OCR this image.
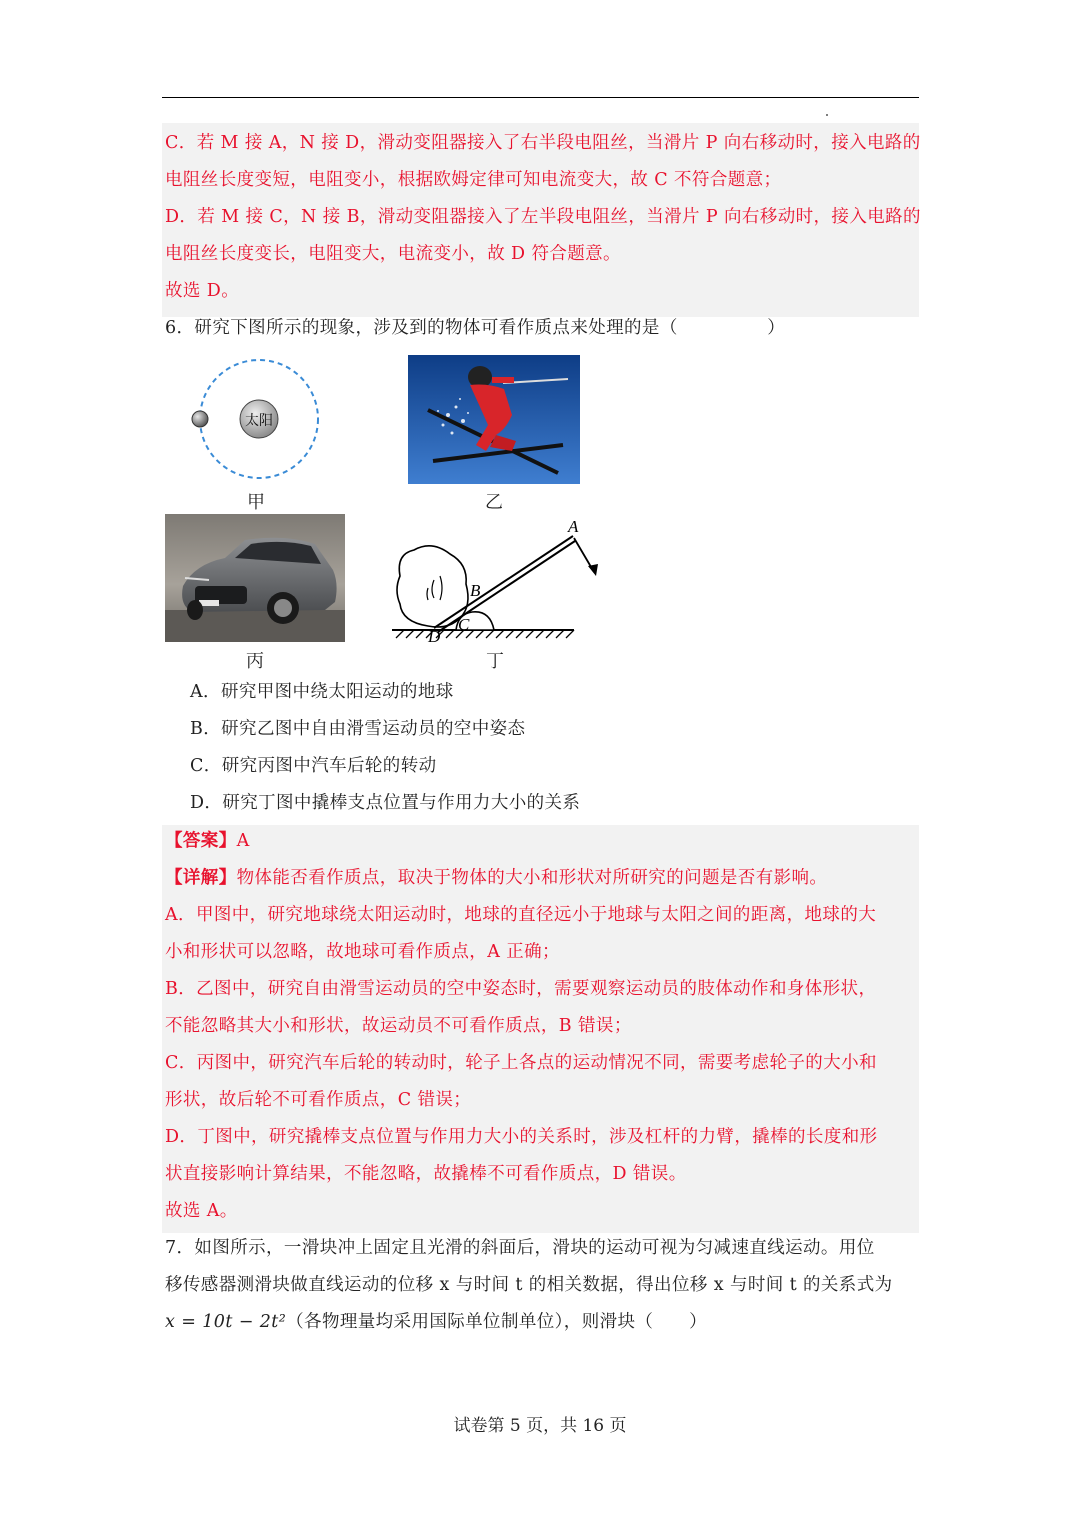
C．若 M 接 A，N 接 D，滑动变阻器接入了右半段电阻丝，当滑片 P 向右移动时，接入电路的
电阻丝长度变短，电阻变小，根据欧姆定律可知电流变大，故 C 不符合题意；
D．若 M 接 C，N 接 B，滑动变阻器接入了左半段电阻丝，当滑片 P 向右移动时，接入电路的
电阻丝长度变长，电阻变大，电流变小，故 D 符合题意。
故选 D。
6．研究下图所示的现象，涉及到的物体可看作质点来处理的是（　　　　　）
太阳
甲	乙
丙
A
B
C
D
丁
A．研究甲图中绕太阳运动的地球
B．研究乙图中自由滑雪运动员的空中姿态
C．研究丙图中汽车后轮的转动
D．研究丁图中撬棒支点位置与作用力大小的关系
【答案】A
【详解】物体能否看作质点，取决于物体的大小和形状对所研究的问题是否有影响。
A．甲图中，研究地球绕太阳运动时，地球的直径远小于地球与太阳之间的距离，地球的大
小和形状可以忽略，故地球可看作质点，A 正确；
B．乙图中，研究自由滑雪运动员的空中姿态时，需要观察运动员的肢体动作和身体形状，
不能忽略其大小和形状，故运动员不可看作质点，B 错误；
C．丙图中，研究汽车后轮的转动时，轮子上各点的运动情况不同，需要考虑轮子的大小和
形状，故后轮不可看作质点，C 错误；
D．丁图中，研究撬棒支点位置与作用力大小的关系时，涉及杠杆的力臂，撬棒的长度和形
状直接影响计算结果，不能忽略，故撬棒不可看作质点，D 错误。
故选 A。
7．如图所示，一滑块冲上固定且光滑的斜面后，滑块的运动可视为匀减速直线运动。用位
移传感器测滑块做直线运动的位移 x 与时间 t 的相关数据，得出位移 x 与时间 t 的关系式为
x = 10t − 2t²（各物理量均采用国际单位制单位），则滑块（　　）
试卷第 5 页，共 16 页
